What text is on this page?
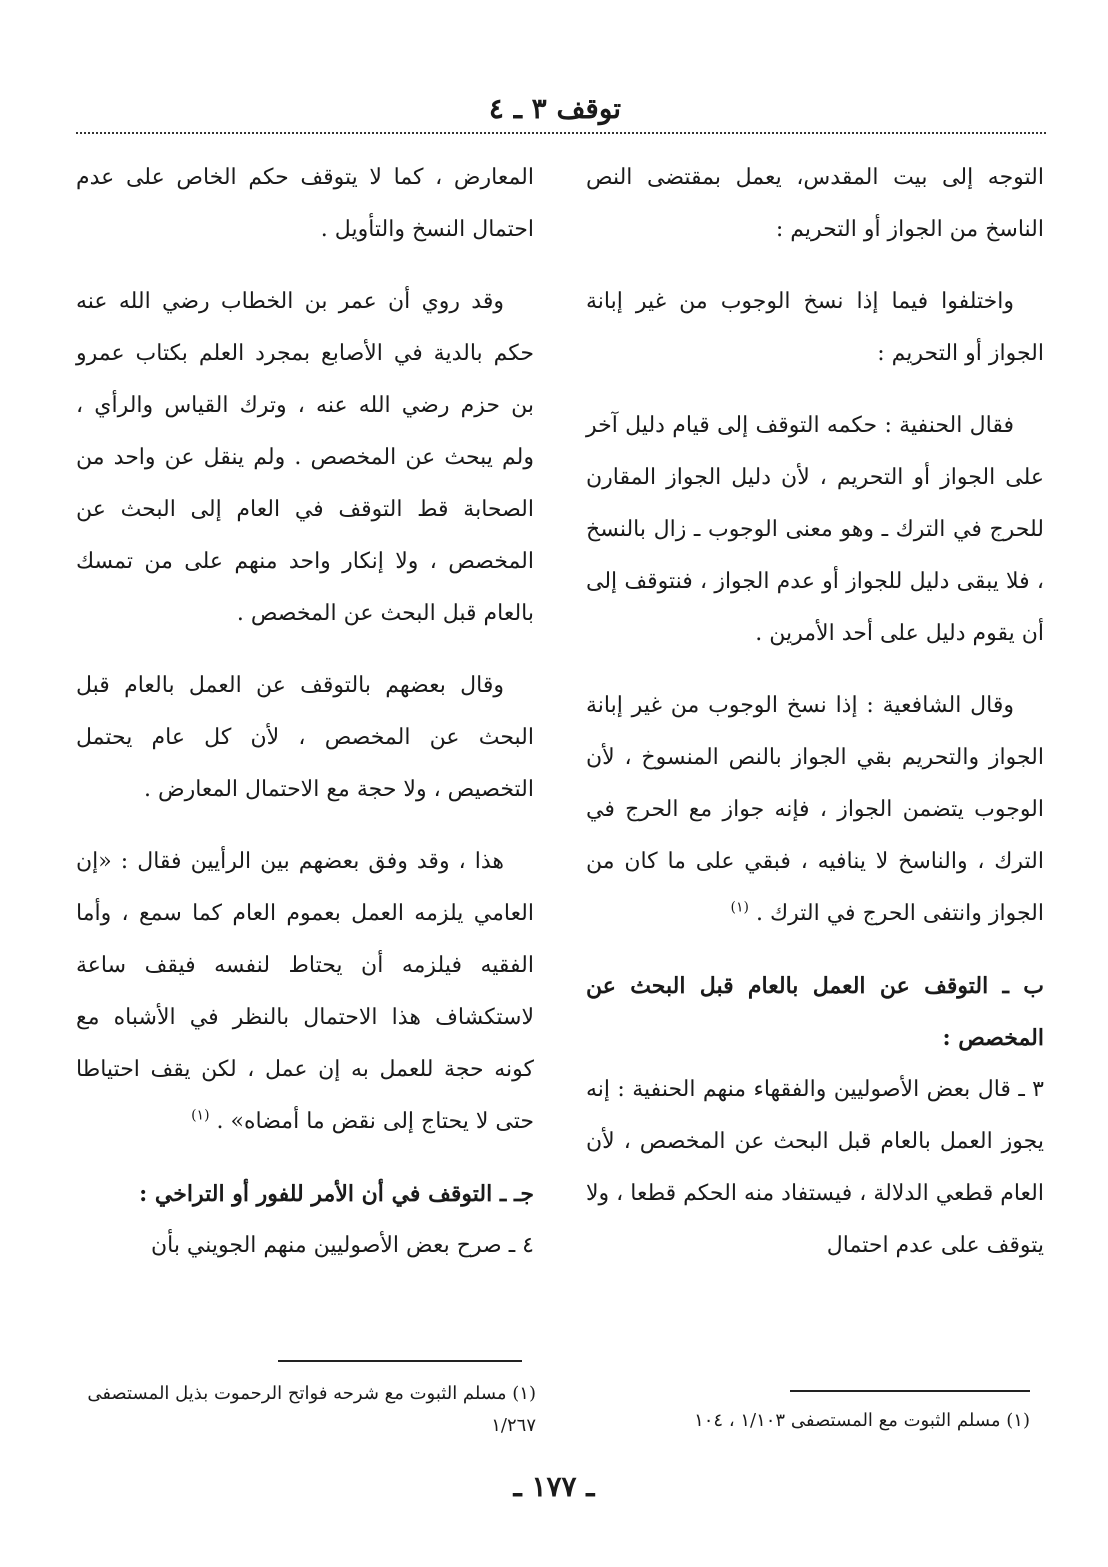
توقف ٣ ـ ٤

التوجه إلى بيت المقدس، يعمل بمقتضى النص الناسخ من الجواز أو التحريم :

واختلفوا فيما إذا نسخ الوجوب من غير إبانة الجواز أو التحريم :

فقال الحنفية : حكمه التوقف إلى قيام دليل آخر على الجواز أو التحريم ، لأن دليل الجواز المقارن للحرج في الترك ـ وهو معنى الوجوب ـ زال بالنسخ ، فلا يبقى دليل للجواز أو عدم الجواز ، فنتوقف إلى أن يقوم دليل على أحد الأمرين .

وقال الشافعية : إذا نسخ الوجوب من غير إبانة الجواز والتحريم بقي الجواز بالنص المنسوخ ، لأن الوجوب يتضمن الجواز ، فإنه جواز مع الحرج في الترك ، والناسخ لا ينافيه ، فبقي على ما كان من الجواز وانتفى الحرج في الترك . $^{(١)}$

ب ـ التوقف عن العمل بالعام قبل البحث عن المخصص :

٣ ـ قال بعض الأصوليين والفقهاء منهم الحنفية : إنه يجوز العمل بالعام قبل البحث عن المخصص ، لأن العام قطعي الدلالة ، فيستفاد منه الحكم قطعا ، ولا يتوقف على عدم احتمال

المعارض ، كما لا يتوقف حكم الخاص على عدم احتمال النسخ والتأويل .

وقد روي أن عمر بن الخطاب رضي الله عنه حكم بالدية في الأصابع بمجرد العلم بكتاب عمرو بن حزم رضي الله عنه ، وترك القياس والرأي ، ولم يبحث عن المخصص . ولم ينقل عن واحد من الصحابة قط التوقف في العام إلى البحث عن المخصص ، ولا إنكار واحد منهم على من تمسك بالعام قبل البحث عن المخصص .

وقال بعضهم بالتوقف عن العمل بالعام قبل البحث عن المخصص ، لأن كل عام يحتمل التخصيص ، ولا حجة مع الاحتمال المعارض .

هذا ، وقد وفق بعضهم بين الرأيين فقال : «إن العامي يلزمه العمل بعموم العام كما سمع ، وأما الفقيه فيلزمه أن يحتاط لنفسه فيقف ساعة لاستكشاف هذا الاحتمال بالنظر في الأشباه مع كونه حجة للعمل به إن عمل ، لكن يقف احتياطا حتى لا يحتاج إلى نقض ما أمضاه» . $^{(١)}$

جـ ـ التوقف في أن الأمر للفور أو التراخي :

٤ ـ صرح بعض الأصوليين منهم الجويني بأن

(١) مسلم الثبوت مع المستصفى ١/١٠٣ ، ١٠٤
(١) مسلم الثبوت مع شرحه فواتح الرحموت بذيل المستصفى ١/٢٦٧
ـ ١٧٧ ـ
